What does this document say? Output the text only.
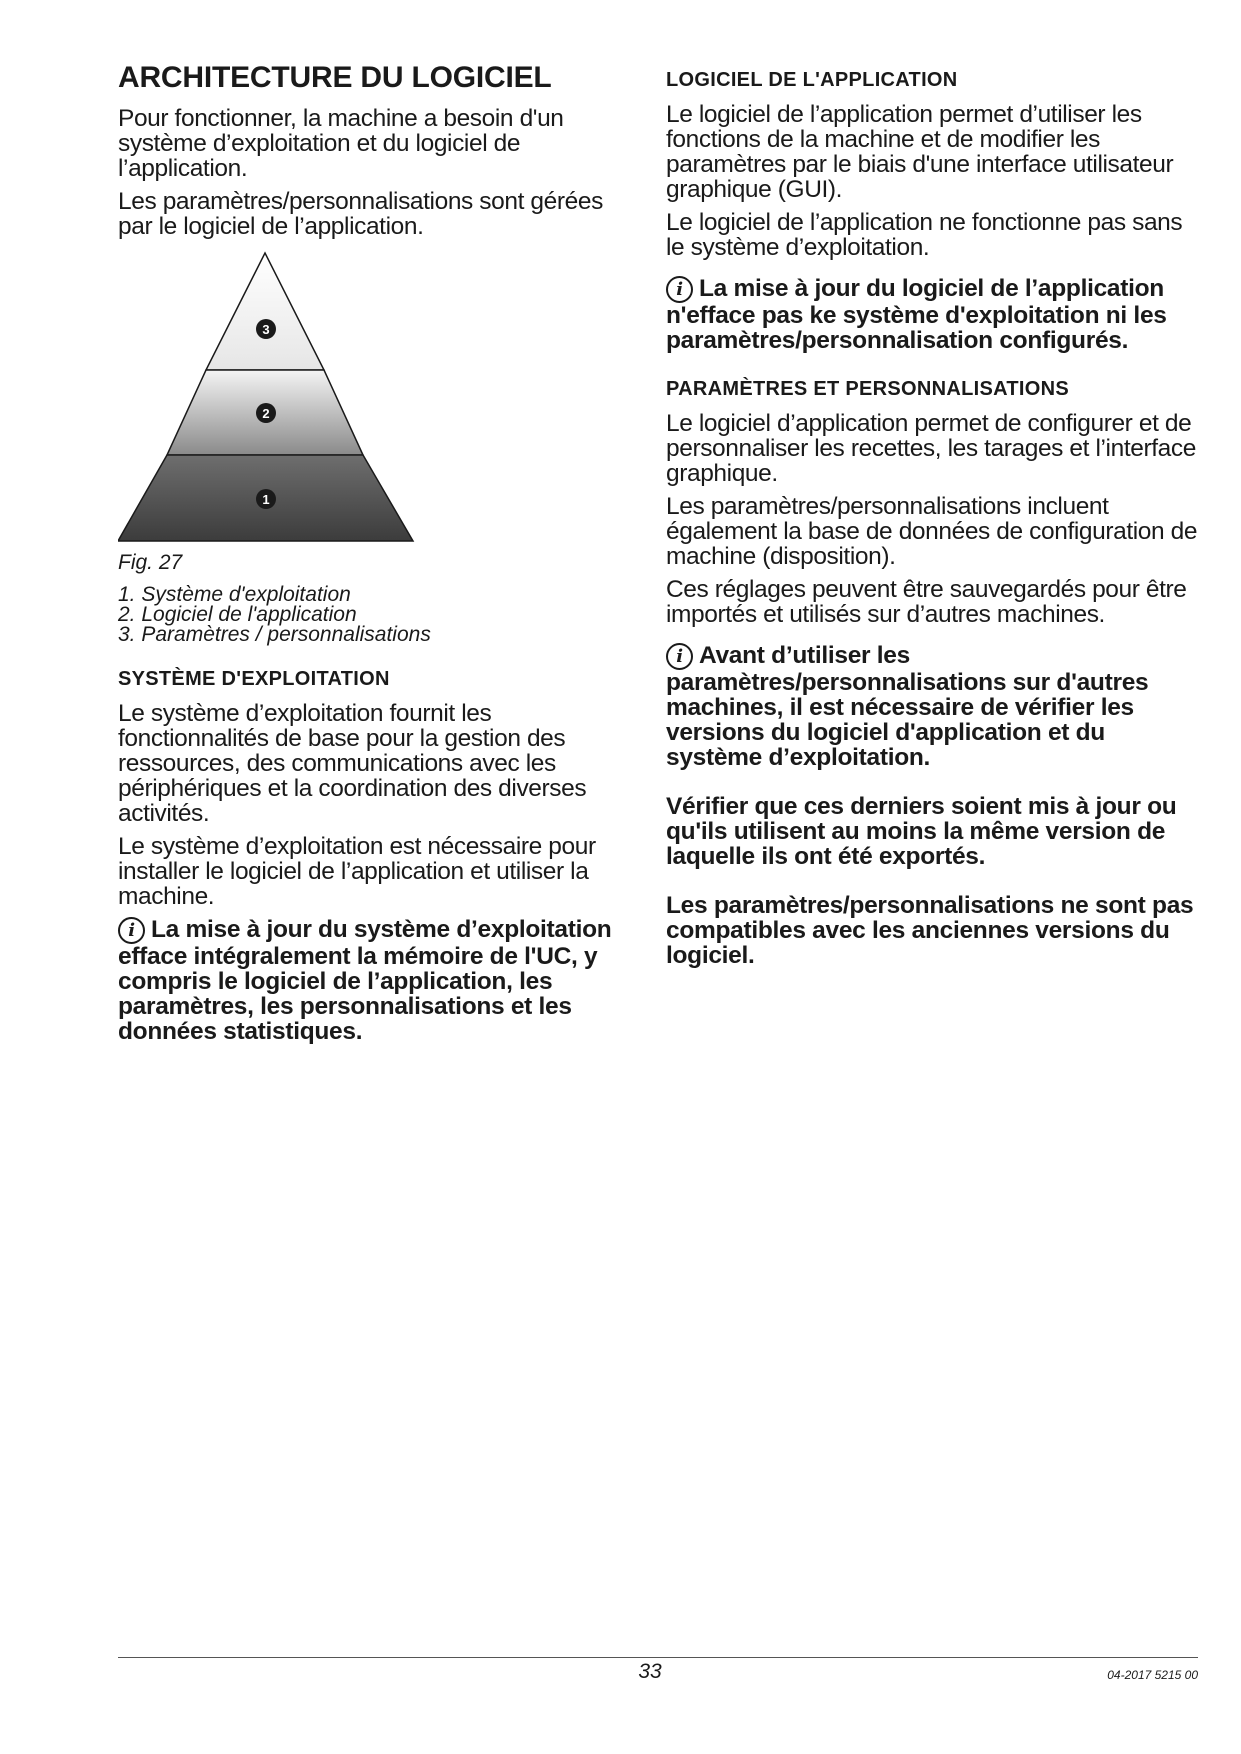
ARCHITECTURE DU LOGICIEL

Pour fonctionner, la machine a besoin d'un système d’exploitation et du logiciel de l’application.

Les paramètres/personnalisations sont gérées par le logiciel de l’application.

3
2
1
Fig. 27
1. Système d'exploitation
2. Logiciel de l'application
3. Paramètres / personnalisations
SYSTÈME D'EXPLOITATION

Le système d’exploitation fournit les fonctionnalités de base pour la gestion des ressources, des communications avec les périphériques et la coordination des diverses activités.

Le système d’exploitation est nécessaire pour installer le logiciel de l’application et utiliser la machine.

i La mise à jour du système d’exploitation efface intégralement la mémoire de l'UC, y compris le logiciel de l’application, les paramètres, les personnalisations et les données statistiques.

LOGICIEL DE L'APPLICATION

Le logiciel de l’application permet d’utiliser les fonctions de la machine et de modifier les paramètres par le biais d'une interface utilisateur graphique (GUI).

Le logiciel de l’application ne fonctionne pas sans le système d’exploitation.

i La mise à jour du logiciel de l’application n'efface pas ke système d'exploitation ni les paramètres/personnalisation configurés.

PARAMÈTRES ET PERSONNALISATIONS

Le logiciel d’application permet de configurer et de personnaliser les recettes, les tarages et l’interface graphique.

Les paramètres/personnalisations incluent également la base de données de configuration de machine (disposition).

Ces réglages peuvent être sauvegardés pour être importés et utilisés sur d’autres machines.

i Avant d’utiliser les paramètres/personnalisations sur d'autres machines, il est nécessaire de vérifier les versions du logiciel d'application et du système d’exploitation.

Vérifier que ces derniers soient mis à jour ou qu'ils utilisent au moins la même version de laquelle ils ont été exportés.

Les paramètres/personnalisations ne sont pas compatibles avec les anciennes versions du logiciel.

33	04-2017 5215 00
